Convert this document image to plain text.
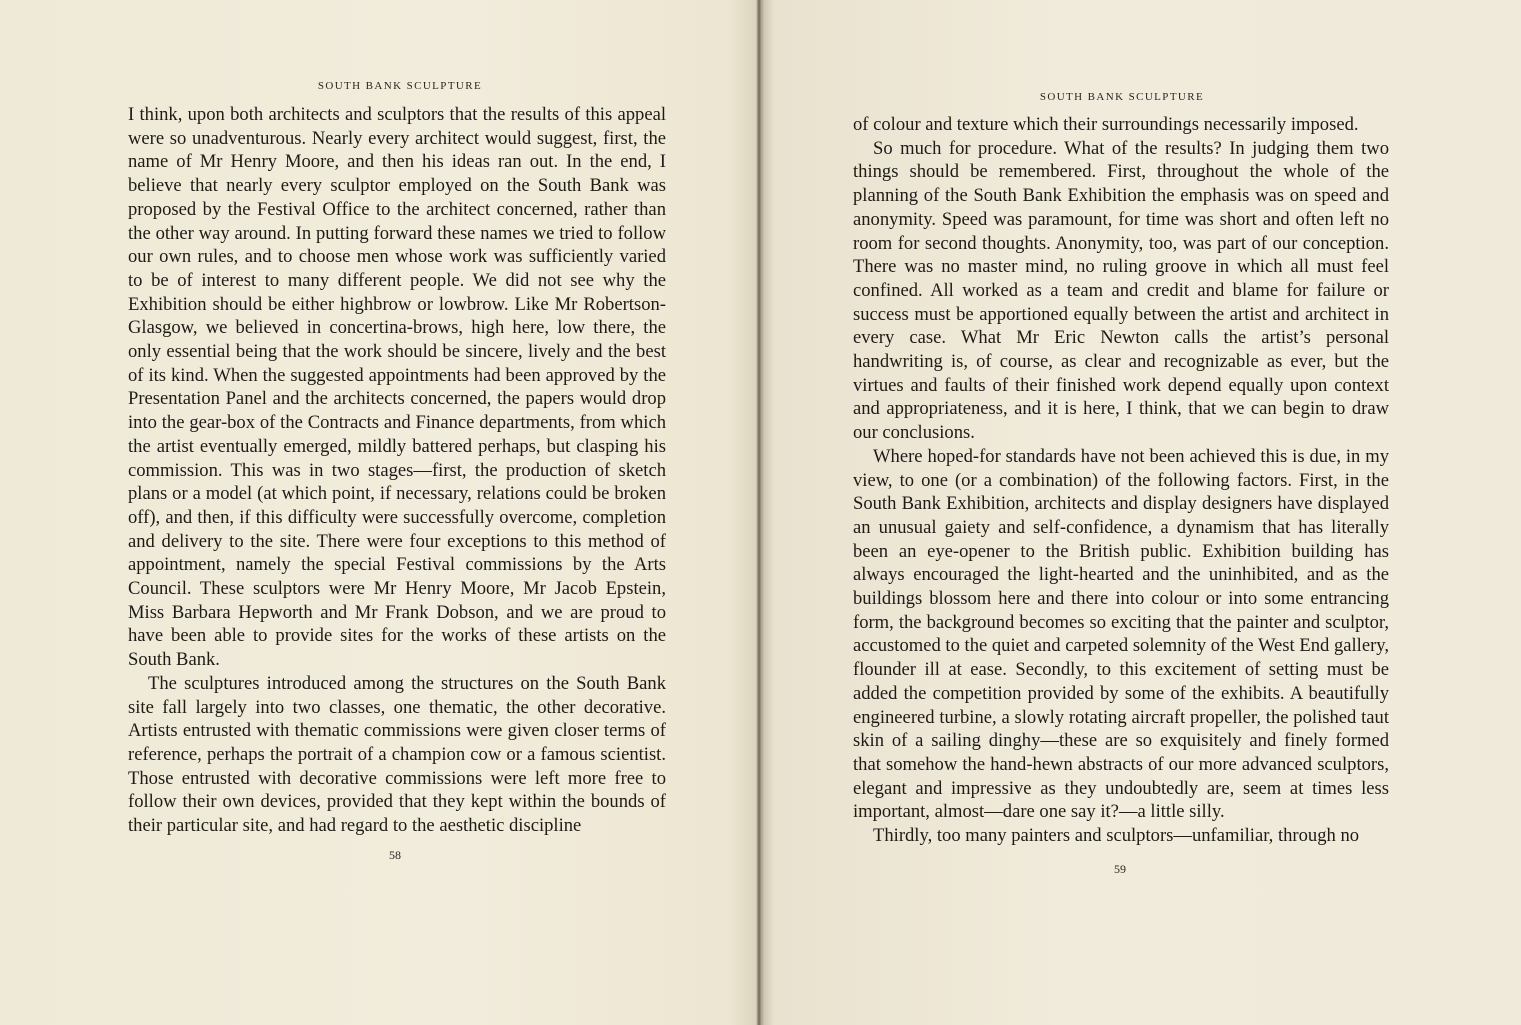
SOUTH BANK SCULPTURE

I think, upon both architects and sculptors that the results of this appeal were so unadventurous. Nearly every architect would suggest, first, the name of Mr Henry Moore, and then his ideas ran out. In the end, I believe that nearly every sculptor employed on the South Bank was proposed by the Festival Office to the architect concerned, rather than the other way around. In putting forward these names we tried to follow our own rules, and to choose men whose work was sufficiently varied to be of interest to many different people. We did not see why the Exhibition should be either highbrow or lowbrow. Like Mr Robertson-Glasgow, we believed in concertina-brows, high here, low there, the only essential being that the work should be sincere, lively and the best of its kind. When the suggested appointments had been approved by the Presentation Panel and the architects concerned, the papers would drop into the gear-box of the Contracts and Finance departments, from which the artist eventually emerged, mildly battered perhaps, but clasping his commission. This was in two stages—first, the production of sketch plans or a model (at which point, if necessary, relations could be broken off), and then, if this difficulty were successfully overcome, completion and delivery to the site. There were four exceptions to this method of appointment, namely the special Festival commissions by the Arts Council. These sculptors were Mr Henry Moore, Mr Jacob Epstein, Miss Barbara Hepworth and Mr Frank Dobson, and we are proud to have been able to provide sites for the works of these artists on the South Bank.

The sculptures introduced among the structures on the South Bank site fall largely into two classes, one thematic, the other decorative. Artists entrusted with thematic commissions were given closer terms of reference, perhaps the portrait of a champion cow or a famous scientist. Those entrusted with decorative commissions were left more free to follow their own devices, provided that they kept within the bounds of their particular site, and had regard to the aesthetic discipline

58
SOUTH BANK SCULPTURE

of colour and texture which their surroundings necessarily imposed.

So much for procedure. What of the results? In judging them two things should be remembered. First, throughout the whole of the planning of the South Bank Exhibition the emphasis was on speed and anonymity. Speed was paramount, for time was short and often left no room for second thoughts. Anonymity, too, was part of our conception. There was no master mind, no ruling groove in which all must feel confined. All worked as a team and credit and blame for failure or success must be apportioned equally between the artist and architect in every case. What Mr Eric Newton calls the artist’s personal handwriting is, of course, as clear and recognizable as ever, but the virtues and faults of their finished work depend equally upon context and appropriateness, and it is here, I think, that we can begin to draw our conclusions.

Where hoped-for standards have not been achieved this is due, in my view, to one (or a combination) of the following factors. First, in the South Bank Exhibition, architects and display designers have displayed an unusual gaiety and self-confidence, a dynamism that has literally been an eye-opener to the British public. Exhibition building has always encouraged the light-hearted and the uninhibited, and as the buildings blossom here and there into colour or into some entrancing form, the background becomes so exciting that the painter and sculptor, accustomed to the quiet and carpeted solemnity of the West End gallery, flounder ill at ease. Secondly, to this excitement of setting must be added the competition provided by some of the exhibits. A beautifully engineered turbine, a slowly rotating aircraft propeller, the polished taut skin of a sailing dinghy—these are so exquisitely and finely formed that somehow the hand-hewn abstracts of our more advanced sculptors, elegant and impressive as they undoubtedly are, seem at times less important, almost—dare one say it?—a little silly.

Thirdly, too many painters and sculptors—unfamiliar, through no

59
